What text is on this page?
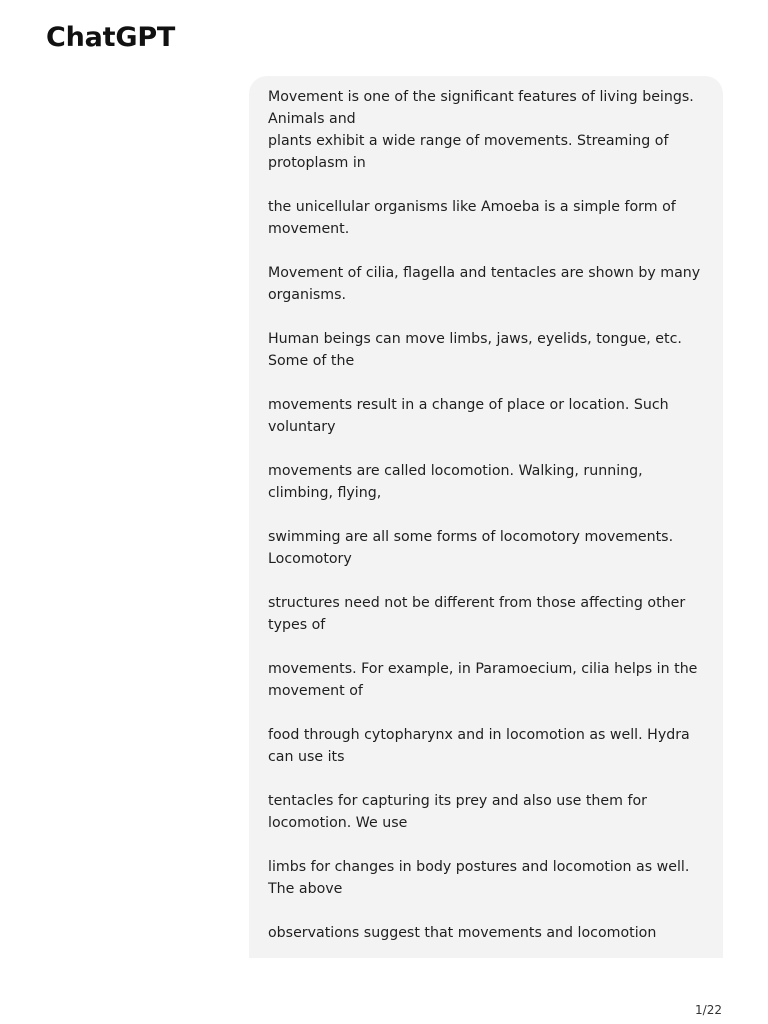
ChatGPT

Movement is one of the significant features of living beings. Animals and

plants exhibit a wide range of movements. Streaming of protoplasm in

the unicellular organisms like Amoeba is a simple form of movement.

Movement of cilia, flagella and tentacles are shown by many organisms.

Human beings can move limbs, jaws, eyelids, tongue, etc. Some of the

movements result in a change of place or location. Such voluntary

movements are called locomotion. Walking, running, climbing, flying,

swimming are all some forms of locomotory movements. Locomotory

structures need not be different from those affecting other types of

movements. For example, in Paramoecium, cilia helps in the movement of

food through cytopharynx and in locomotion as well. Hydra can use its

tentacles for capturing its prey and also use them for locomotion. We use

limbs for changes in body postures and locomotion as well. The above

observations suggest that movements and locomotion

1/22
